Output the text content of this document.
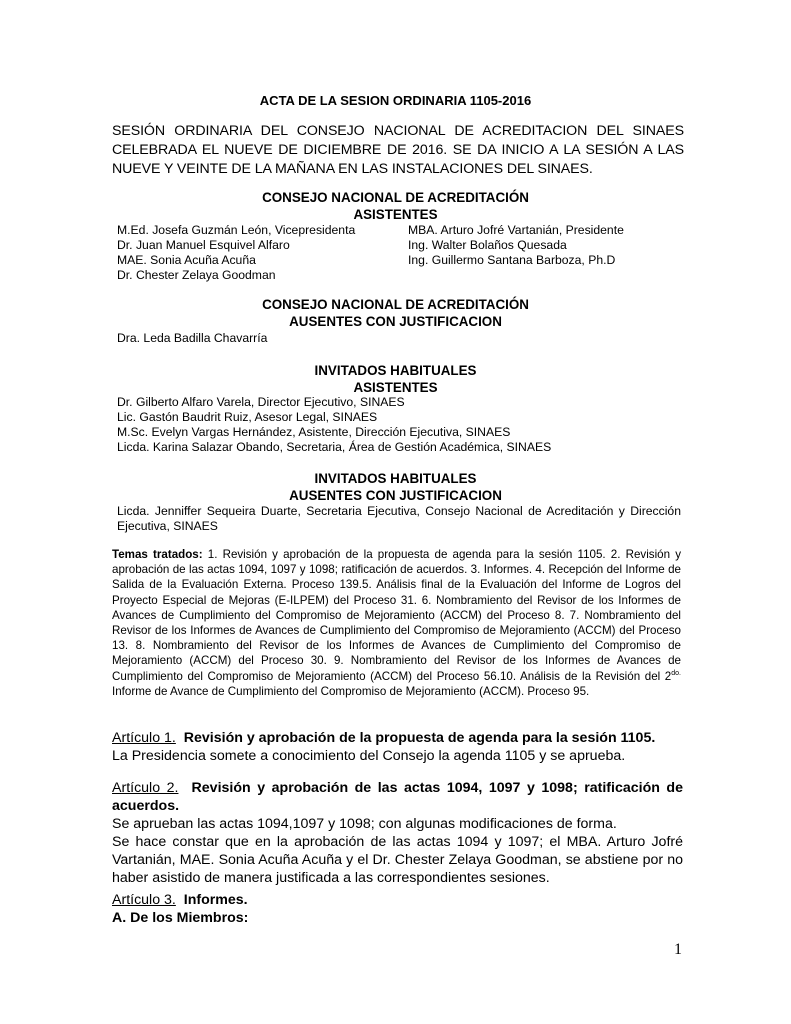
ACTA DE LA SESION ORDINARIA 1105-2016
SESIÓN ORDINARIA DEL CONSEJO NACIONAL DE ACREDITACION DEL SINAES CELEBRADA EL NUEVE DE DICIEMBRE DE 2016. SE DA INICIO A LA SESIÓN A LAS NUEVE Y VEINTE DE LA MAÑANA EN LAS INSTALACIONES DEL SINAES.
CONSEJO NACIONAL DE ACREDITACIÓN
ASISTENTES
M.Ed. Josefa Guzmán León, Vicepresidenta
Dr. Juan Manuel Esquivel Alfaro
MAE. Sonia Acuña Acuña
Dr. Chester Zelaya Goodman
MBA. Arturo Jofré Vartanián, Presidente
Ing. Walter Bolaños Quesada
Ing. Guillermo Santana Barboza, Ph.D
CONSEJO NACIONAL DE ACREDITACIÓN
AUSENTES CON JUSTIFICACION
Dra. Leda Badilla Chavarría
INVITADOS HABITUALES
ASISTENTES
Dr. Gilberto Alfaro Varela, Director Ejecutivo, SINAES
Lic. Gastón Baudrit Ruiz, Asesor Legal, SINAES
M.Sc. Evelyn Vargas Hernández, Asistente, Dirección Ejecutiva, SINAES
Licda. Karina Salazar Obando, Secretaria, Área de Gestión Académica, SINAES
INVITADOS HABITUALES
AUSENTES CON JUSTIFICACION
Licda. Jenniffer Sequeira Duarte, Secretaria Ejecutiva, Consejo Nacional de Acreditación y Dirección Ejecutiva, SINAES
Temas tratados: 1. Revisión y aprobación de la propuesta de agenda para la sesión 1105. 2. Revisión y aprobación de las actas 1094, 1097 y 1098; ratificación de acuerdos. 3. Informes. 4. Recepción del Informe de Salida de la Evaluación Externa. Proceso 139.5. Análisis final de la Evaluación del Informe de Logros del Proyecto Especial de Mejoras (E-ILPEM) del Proceso 31. 6. Nombramiento del Revisor de los Informes de Avances de Cumplimiento del Compromiso de Mejoramiento (ACCM) del Proceso 8. 7. Nombramiento del Revisor de los Informes de Avances de Cumplimiento del Compromiso de Mejoramiento (ACCM) del Proceso 13. 8. Nombramiento del Revisor de los Informes de Avances de Cumplimiento del Compromiso de Mejoramiento (ACCM) del Proceso 30. 9. Nombramiento del Revisor de los Informes de Avances de Cumplimiento del Compromiso de Mejoramiento (ACCM) del Proceso 56.10. Análisis de la Revisión del $2^{do.}$ Informe de Avance de Cumplimiento del Compromiso de Mejoramiento (ACCM). Proceso 95.
Artículo 1. Revisión y aprobación de la propuesta de agenda para la sesión 1105.
La Presidencia somete a conocimiento del Consejo la agenda 1105 y se aprueba.
Artículo 2. Revisión y aprobación de las actas 1094, 1097 y 1098; ratificación de acuerdos.
Se aprueban las actas 1094,1097 y 1098; con algunas modificaciones de forma.
Se hace constar que en la aprobación de las actas 1094 y 1097; el MBA. Arturo Jofré Vartanián, MAE. Sonia Acuña Acuña y el Dr. Chester Zelaya Goodman, se abstiene por no haber asistido de manera justificada a las correspondientes sesiones.
Artículo 3. Informes.
A. De los Miembros:
1
